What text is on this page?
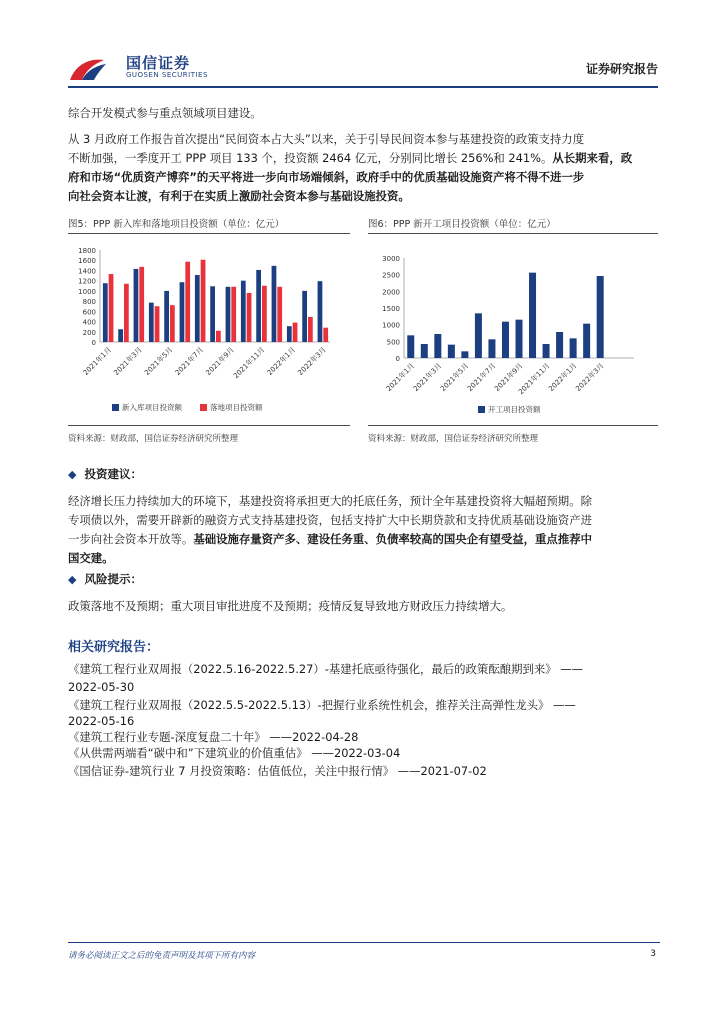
国信证券
GUOSEN SECURITIES	证券研究报告
综合开发模式参与重点领域项目建设。
从 3 月政府工作报告首次提出“民间资本占大头”以来，关于引导民间资本参与基建投资的政策支持力度
不断加强，一季度开工 PPP 项目 133 个，投资额 2464 亿元，分别同比增长 256%和 241%。从长期来看，政
府和市场“优质资产博弈”的天平将进一步向市场端倾斜，政府手中的优质基础设施资产将不得不进一步
向社会资本让渡，有利于在实质上激励社会资本参与基础设施投资。
图5：PPP 新入库和落地项目投资额（单位：亿元）
0
200
400
600
800
1000
1200
1400
1600
1800
2021年1月 2021年3月 2021年5月 2021年7月 2021年9月
2021年11月 2022年1月 2022年3月
新入库项目投资额	落地项目投资额
资料来源：财政部，国信证券经济研究所整理
图6：PPP 新开工项目投资额（单位：亿元）
0
500
1000
1500
2000
2500
3000
2021年1月
2021年3月
2021年5月
2021年7月
2021年9月
2021年11月
2022年1月
2022年3月
开工项目投资额
资料来源：财政部，国信证券经济研究所整理
◆ 投资建议：
经济增长压力持续加大的环境下，基建投资将承担更大的托底任务，预计全年基建投资将大幅超预期。除
专项债以外，需要开辟新的融资方式支持基建投资，包括支持扩大中长期贷款和支持优质基础设施资产进
一步向社会资本开放等。基础设施存量资产多、建设任务重、负债率较高的国央企有望受益，重点推荐中
国交建。
◆ 风险提示：
政策落地不及预期；重大项目审批进度不及预期；疫情反复导致地方财政压力持续增大。
相关研究报告：
《建筑工程行业双周报（2022.5.16-2022.5.27）-基建托底亟待强化，最后的政策酝酿期到来》 ——
2022-05-30
《建筑工程行业双周报（2022.5.5-2022.5.13）-把握行业系统性机会，推荐关注高弹性龙头》 ——
2022-05-16
《建筑工程行业专题-深度复盘二十年》 ——2022-04-28
《从供需两端看“碳中和”下建筑业的价值重估》 ——2022-03-04
《国信证券-建筑行业 7 月投资策略：估值低位，关注中报行情》 ——2021-07-02
请务必阅读正文之后的免责声明及其项下所有内容	3
